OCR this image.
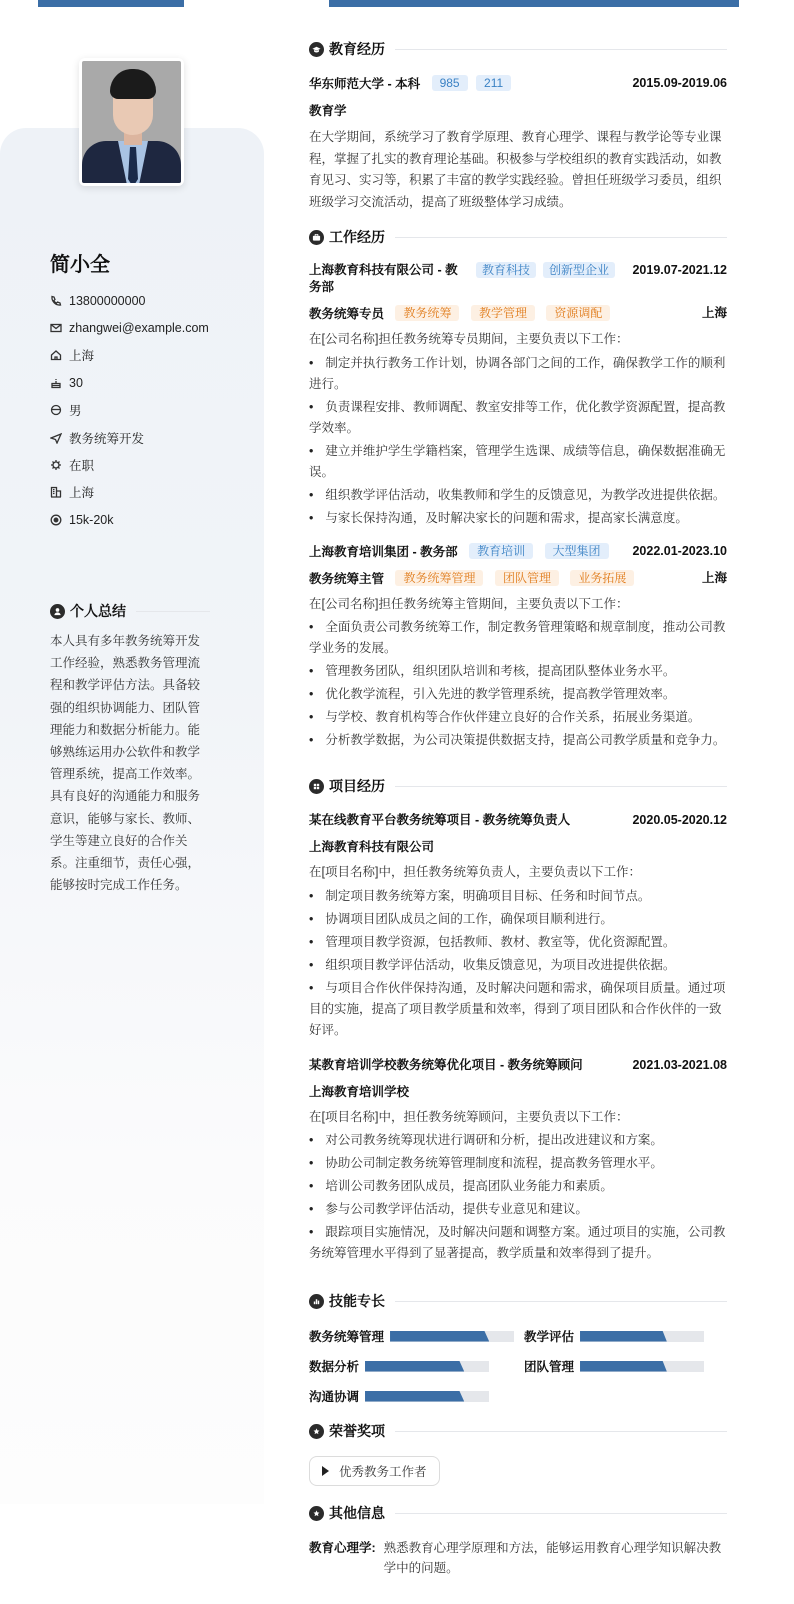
简小全
13800000000
zhangwei@example.com
上海
30
男
教务统筹开发
在职
上海
15k-20k
个人总结
本人具有多年教务统筹开发工作经验，熟悉教务管理流程和教学评估方法。具备较强的组织协调能力、团队管理能力和数据分析能力。能够熟练运用办公软件和教学管理系统，提高工作效率。具有良好的沟通能力和服务意识，能够与家长、教师、学生等建立良好的合作关系。注重细节，责任心强，能够按时完成工作任务。
教育经历
华东师范大学 - 本科 985 211	2015.09-2019.06
教育学
在大学期间，系统学习了教育学原理、教育心理学、课程与教学论等专业课程，掌握了扎实的教育理论基础。积极参与学校组织的教育实践活动，如教育见习、实习等，积累了丰富的教学实践经验。曾担任班级学习委员，组织班级学习交流活动，提高了班级整体学习成绩。
工作经历
上海教育科技有限公司 - 教务部
教育科技	创新型企业	2019.07-2021.12
教务统筹专员 教务统筹 教学管理 资源调配	上海
在[公司名称]担任教务统筹专员期间，主要负责以下工作：
• 制定并执行教务工作计划，协调各部门之间的工作，确保教学工作的顺利进行。
• 负责课程安排、教师调配、教室安排等工作，优化教学资源配置，提高教学效率。
• 建立并维护学生学籍档案，管理学生选课、成绩等信息，确保数据准确无误。
• 组织教学评估活动，收集教师和学生的反馈意见，为教学改进提供依据。
• 与家长保持沟通，及时解决家长的问题和需求，提高家长满意度。
上海教育培训集团 - 教务部 教育培训 大型集团	2022.01-2023.10
教务统筹主管 教务统筹管理 团队管理 业务拓展	上海
在[公司名称]担任教务统筹主管期间，主要负责以下工作：
• 全面负责公司教务统筹工作，制定教务管理策略和规章制度，推动公司教学业务的发展。
• 管理教务团队，组织团队培训和考核，提高团队整体业务水平。
• 优化教学流程，引入先进的教学管理系统，提高教学管理效率。
• 与学校、教育机构等合作伙伴建立良好的合作关系，拓展业务渠道。
• 分析教学数据，为公司决策提供数据支持，提高公司教学质量和竞争力。
项目经历
某在线教育平台教务统筹项目 - 教务统筹负责人	2020.05-2020.12
上海教育科技有限公司
在[项目名称]中，担任教务统筹负责人，主要负责以下工作：
• 制定项目教务统筹方案，明确项目目标、任务和时间节点。
• 协调项目团队成员之间的工作，确保项目顺利进行。
• 管理项目教学资源，包括教师、教材、教室等，优化资源配置。
• 组织项目教学评估活动，收集反馈意见，为项目改进提供依据。
• 与项目合作伙伴保持沟通，及时解决问题和需求，确保项目质量。通过项目的实施，提高了项目教学质量和效率，得到了项目团队和合作伙伴的一致好评。
某教育培训学校教务统筹优化项目 - 教务统筹顾问	2021.03-2021.08
上海教育培训学校
在[项目名称]中，担任教务统筹顾问，主要负责以下工作：
• 对公司教务统筹现状进行调研和分析，提出改进建议和方案。
• 协助公司制定教务统筹管理制度和流程，提高教务管理水平。
• 培训公司教务团队成员，提高团队业务能力和素质。
• 参与公司教学评估活动，提供专业意见和建议。
• 跟踪项目实施情况，及时解决问题和调整方案。通过项目的实施，公司教务统筹管理水平得到了显著提高，教学质量和效率得到了提升。
技能专长
教务统筹管理	教学评估
数据分析	团队管理
沟通协调
荣誉奖项
优秀教务工作者
其他信息
教育心理学: 熟悉教育心理学原理和方法，能够运用教育心理学知识解决教学中的问题。
